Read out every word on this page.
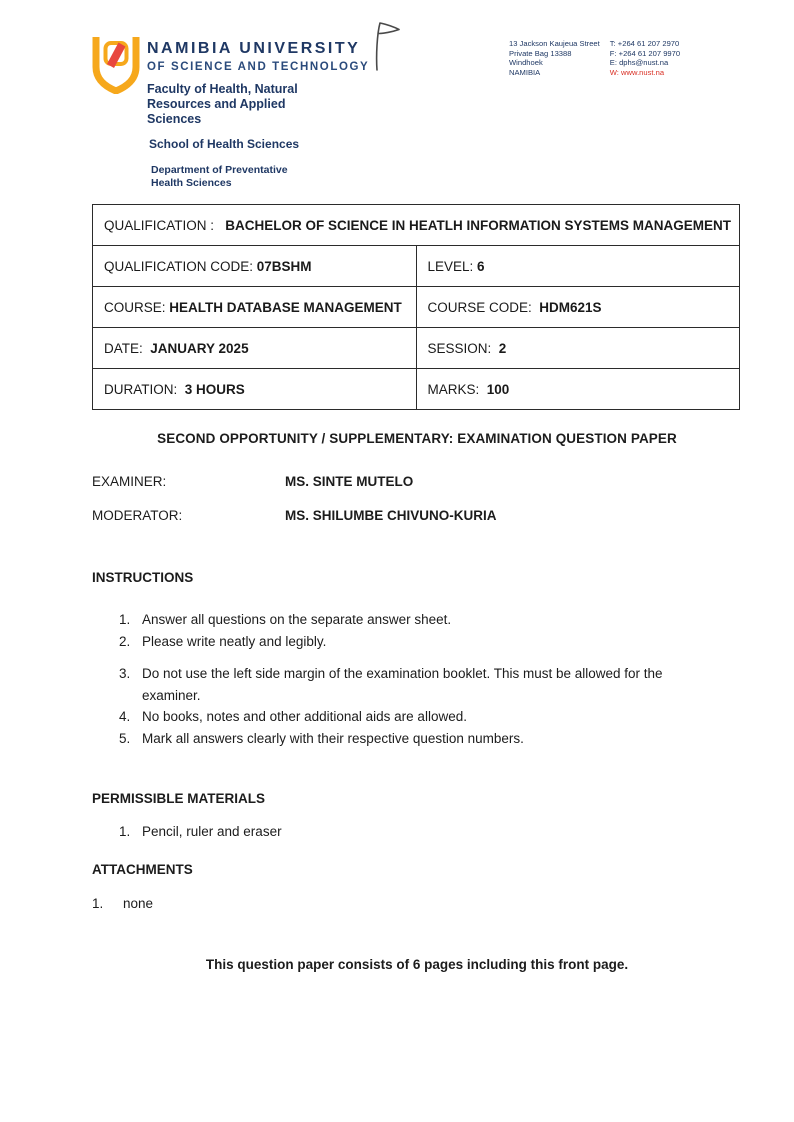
NAMIBIA UNIVERSITY
OF SCIENCE AND TECHNOLOGY
Faculty of Health, Natural Resources and Applied Sciences
School of Health Sciences
Department of Preventative Health Sciences
13 Jackson Kaujeua Street
Private Bag 13388
Windhoek
NAMIBIA
T: +264 61 207 2970
F: +264 61 207 9970
E: dphs@nust.na
W: www.nust.na
QUALIFICATION : BACHELOR OF SCIENCE IN HEATLH INFORMATION SYSTEMS MANAGEMENT	
QUALIFICATION CODE: 07BSHM	LEVEL: 6
COURSE: HEALTH DATABASE MANAGEMENT	COURSE CODE: HDM621S
DATE: JANUARY 2025	SESSION: 2
DURATION: 3 HOURS	MARKS: 100
SECOND OPPORTUNITY / SUPPLEMENTARY: EXAMINATION QUESTION PAPER
EXAMINER:	MS. SINTE MUTELO
MODERATOR:	MS. SHILUMBE CHIVUNO-KURIA
INSTRUCTIONS
1. Answer all questions on the separate answer sheet.
2. Please write neatly and legibly.
3. Do not use the left side margin of the examination booklet. This must be allowed for the examiner.
4. No books, notes and other additional aids are allowed.
5. Mark all answers clearly with their respective question numbers.
PERMISSIBLE MATERIALS
1. Pencil, ruler and eraser
ATTACHMENTS
1.	none
This question paper consists of 6 pages including this front page.
